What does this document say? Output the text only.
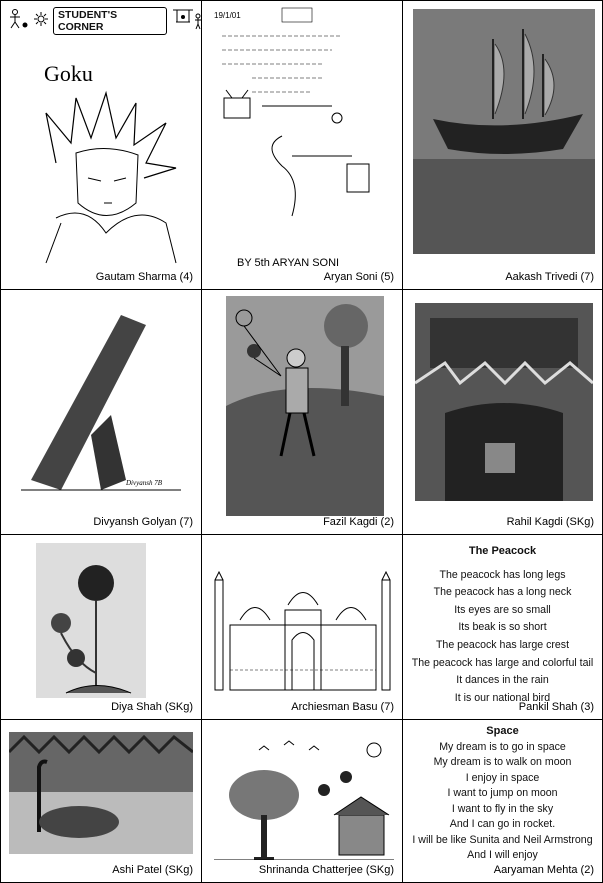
STUDENT'S CORNER
Goku
Gautam Sharma (4)
19/1/01
BY 5th ARYAN SONI
Aryan Soni (5)	Aakash Trivedi (7)
Divyansh 7B
Divyansh Golyan (7)	Fazil Kagdi (2)	Rahil Kagdi (SKg)
Diya Shah (SKg)	Archiesman Basu (7)
The Peacock
The peacock has long legs
The peacock has a long neck
Its eyes are so small
Its beak is so short
The peacock has large crest
The peacock has large and colorful tail
It dances in the rain
It is our national bird
Pankil Shah (3)
Ashi Patel (SKg)	Shrinanda Chatterjee (SKg)
Space
My dream is to go in space
My dream is to walk on moon
I enjoy in space
I want to jump on moon
I want to fly in the sky
And I can go in rocket.
I will be like Sunita and Neil Armstrong
And I will enjoy
Aaryaman Mehta (2)
